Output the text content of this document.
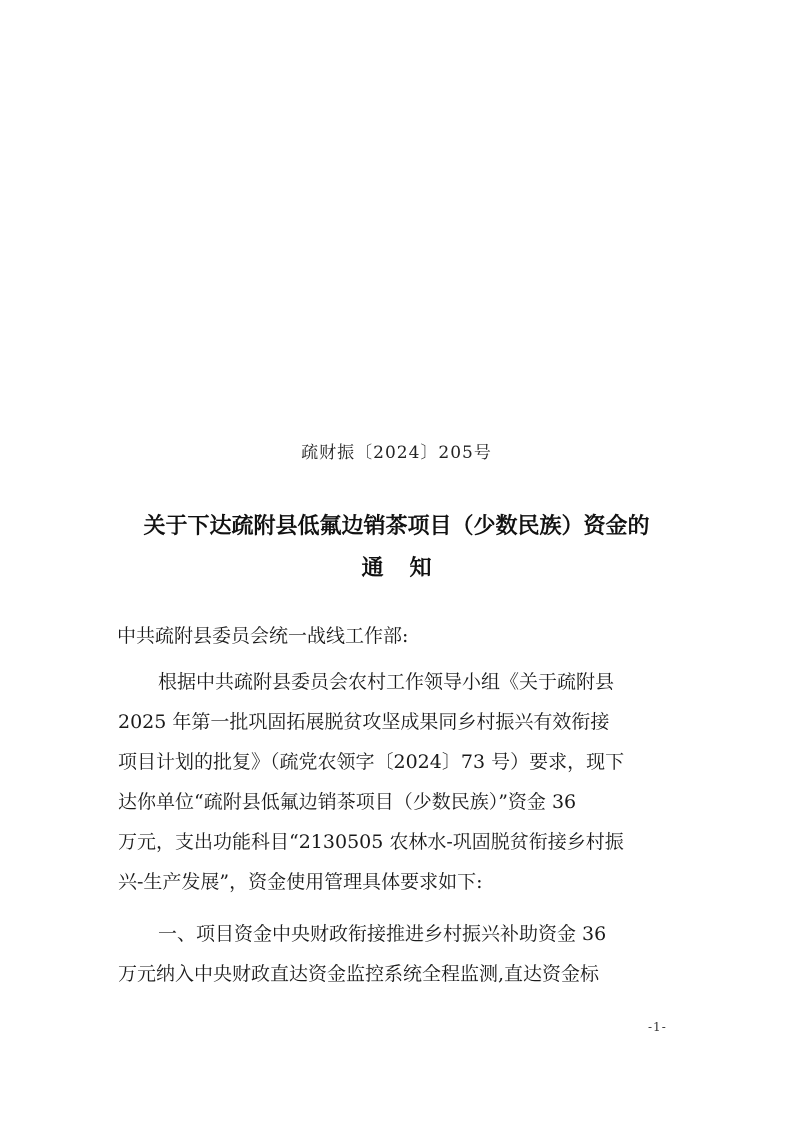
疏财振〔2024〕205号
关于下达疏附县低氟边销茶项目（少数民族）资金的
通知
中共疏附县委员会统一战线工作部:
根据中共疏附县委员会农村工作领导小组《关于疏附县
2025 年第一批巩固拓展脱贫攻坚成果同乡村振兴有效衔接
项目计划的批复》（疏党农领字〔2024〕73 号）要求，现下
达你单位“疏附县低氟边销茶项目（少数民族）”资金 36
万元，支出功能科目“2130505 农林水-巩固脱贫衔接乡村振
兴-生产发展”，资金使用管理具体要求如下:
一、项目资金中央财政衔接推进乡村振兴补助资金 36
万元纳入中央财政直达资金监控系统全程监测,直达资金标
-1-
